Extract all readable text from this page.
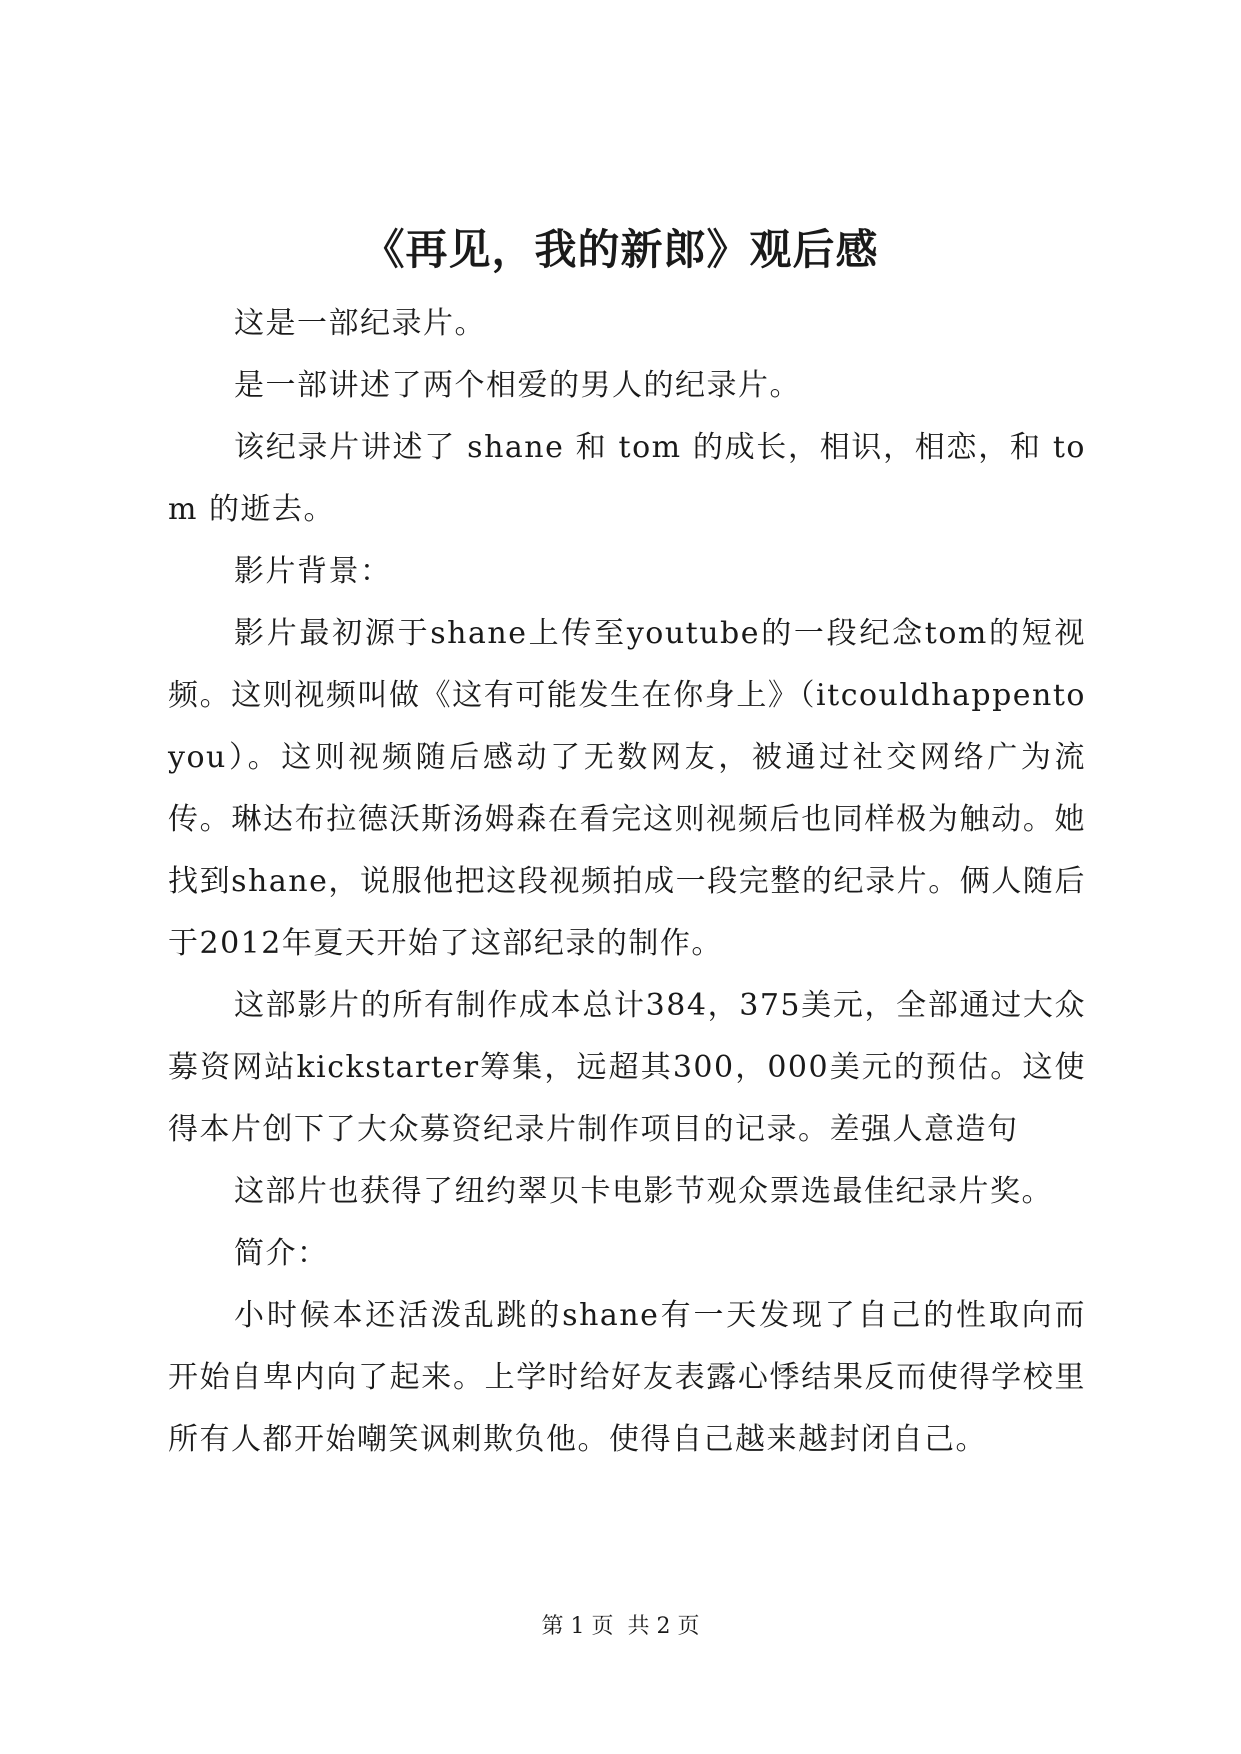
《再见，我的新郎》观后感

这是一部纪录片。

是一部讲述了两个相爱的男人的纪录片。

该纪录片讲述了 shane 和 tom 的成长，相识，相恋，和 tom 的逝去。

影片背景：

影片最初源于shane上传至youtube的一段纪念tom的短视频。这则视频叫做《这有可能发生在你身上》（itcouldhappentoyou）。这则视频随后感动了无数网友，被通过社交网络广为流传。琳达布拉德沃斯汤姆森在看完这则视频后也同样极为触动。她找到shane，说服他把这段视频拍成一段完整的纪录片。俩人随后于2012年夏天开始了这部纪录的制作。

这部影片的所有制作成本总计384，375美元，全部通过大众募资网站kickstarter筹集，远超其300，000美元的预估。这使得本片创下了大众募资纪录片制作项目的记录。差强人意造句

这部片也获得了纽约翠贝卡电影节观众票选最佳纪录片奖。

简介：

小时候本还活泼乱跳的shane有一天发现了自己的性取向而开始自卑内向了起来。上学时给好友表露心悸结果反而使得学校里所有人都开始嘲笑讽刺欺负他。使得自己越来越封闭自己。

第 1 页  共 2 页
